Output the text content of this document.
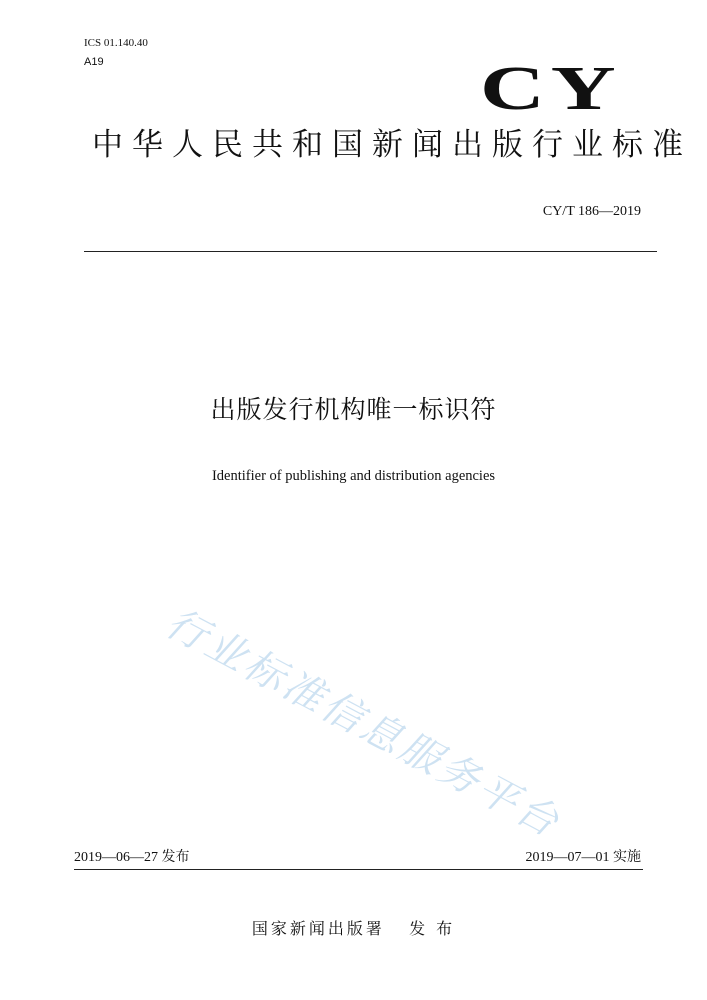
ICS 01.140.40
A19	CY
中华人民共和国新闻出版行业标准
CY/T 186—2019
出版发行机构唯一标识符
Identifier of publishing and distribution agencies
行业标准信息服务平台
2019—06—27 发布	2019—07—01 实施
国家新闻出版署 发 布
